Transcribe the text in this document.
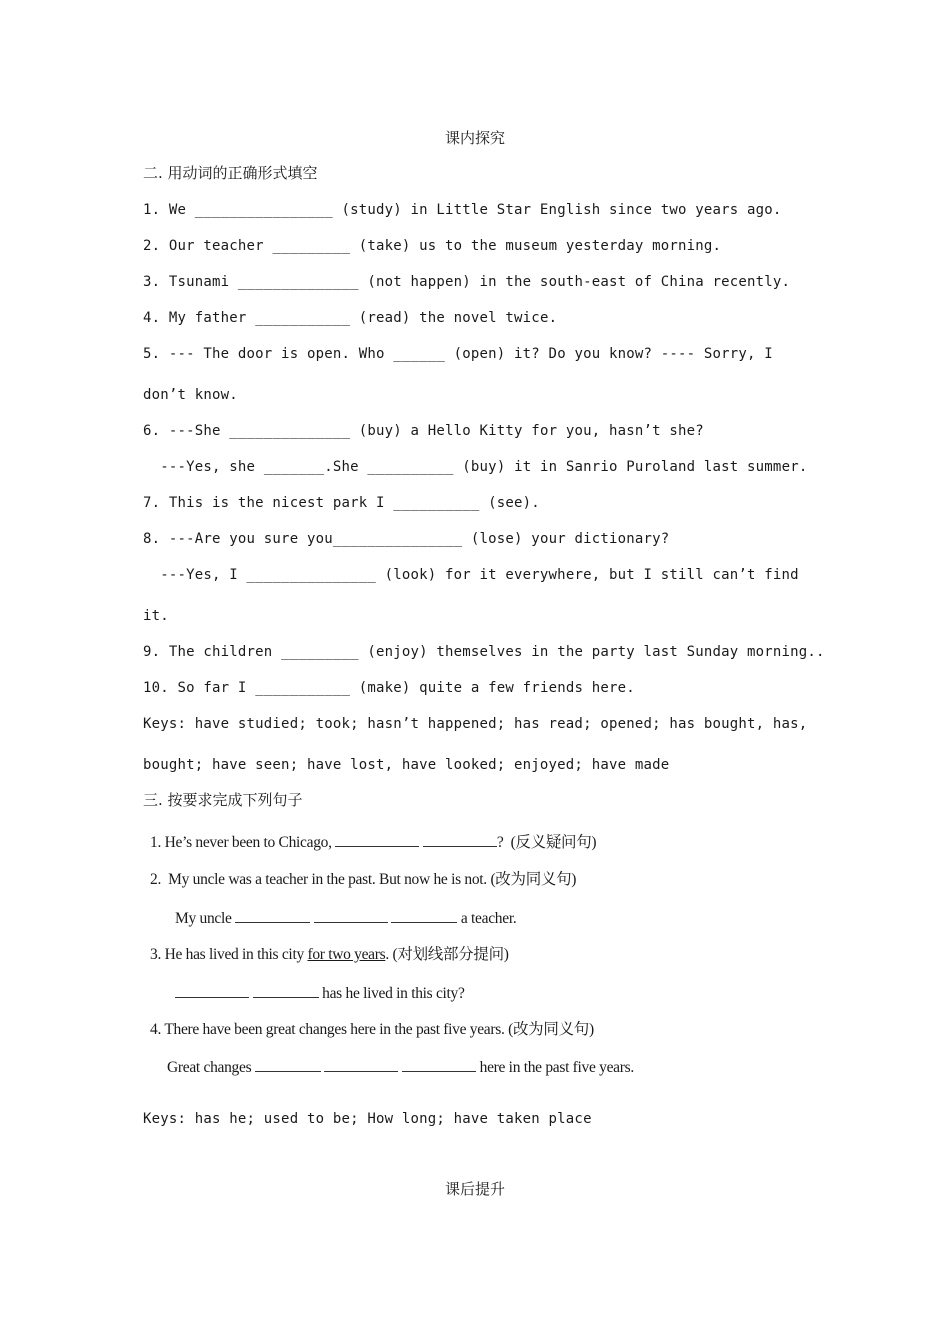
课内探究
二. 用动词的正确形式填空
1. We ________________ (study) in Little Star English since two years ago.
2. Our teacher _________ (take) us to the museum yesterday morning.
3. Tsunami ______________ (not happen) in the south-east of China recently.
4. My father ___________ (read) the novel twice.
5. --- The door is open. Who ______ (open) it? Do you know? ---- Sorry, I
don’t know.
6. ---She ______________ (buy) a Hello Kitty for you, hasn’t she?
---Yes, she _______.She __________ (buy) it in Sanrio Puroland last summer.
7. This is the nicest park I __________ (see).
8. ---Are you sure you_______________ (lose) your dictionary?
---Yes, I _______________ (look) for it everywhere, but I still can’t find
it.
9. The children _________ (enjoy) themselves in the party last Sunday morning..
10. So far I ___________ (make) quite a few friends here.
Keys: have studied; took; hasn’t happened; has read; opened; has bought, has,
bought; have seen; have lost, have looked; enjoyed; have made
三. 按要求完成下列句子
1. He’s never been to Chicago,	?  (反义疑问句)
2.  My uncle was a teacher in the past. But now he is not. (改为同义句)
My uncle	a teacher.
3. He has lived in this city for two years. (对划线部分提问)
has he lived in this city?
4. There have been great changes here in the past five years. (改为同义句)
Great changes	here in the past five years.
Keys: has he; used to be; How long; have taken place
课后提升
